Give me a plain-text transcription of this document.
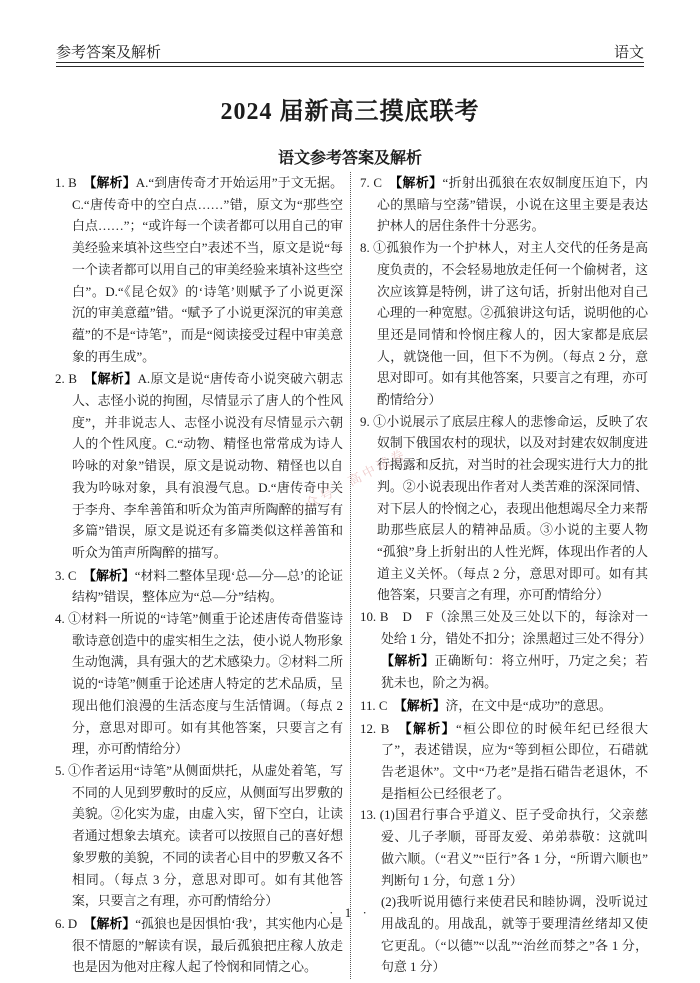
参考答案及解析	语文
2024 届新高三摸底联考
语文参考答案及解析

1. B　【解析】A.“到唐传奇才开始运用”于文无据。C.“唐传奇中的空白点……”错，原文为“那些空白点……”；“或许每一个读者都可以用自己的审美经验来填补这些空白”表述不当，原文是说“每一个读者都可以用自己的审美经验来填补这些空白”。D.“《昆仑奴》的‘诗笔’则赋予了小说更深沉的审美意蕴”错。“赋予了小说更深沉的审美意蕴”的不是“诗笔”，而是“阅读接受过程中审美意象的再生成”。

2. B　【解析】A.原文是说“唐传奇小说突破六朝志人、志怪小说的拘囿，尽情显示了唐人的个性风度”，并非说志人、志怪小说没有尽情显示六朝人的个性风度。C.“动物、精怪也常常成为诗人吟咏的对象”错误，原文是说动物、精怪也以自我为吟咏对象，具有浪漫气息。D.“唐传奇中关于李舟、李牟善笛和听众为笛声所陶醉的描写有多篇”错误，原文是说还有多篇类似这样善笛和听众为笛声所陶醉的描写。

3. C　【解析】“材料二整体呈现‘总—分—总’的论证结构”错误，整体应为“总—分”结构。

4. ①材料一所说的“诗笔”侧重于论述唐传奇借鉴诗歌诗意创造中的虚实相生之法，使小说人物形象生动饱满，具有强大的艺术感染力。②材料二所说的“诗笔”侧重于论述唐人特定的艺术品质，呈现出他们浪漫的生活态度与生活情调。（每点 2 分，意思对即可。如有其他答案，只要言之有理，亦可酌情给分）

5. ①作者运用“诗笔”从侧面烘托，从虚处着笔，写不同的人见到罗敷时的反应，从侧面写出罗敷的美貌。②化实为虚，由虚入实，留下空白，让读者通过想象去填充。读者可以按照自己的喜好想象罗敷的美貌，不同的读者心目中的罗敷又各不相同。（每点 3 分，意思对即可。如有其他答案，只要言之有理，亦可酌情给分）

6. D　【解析】“孤狼也是因惧怕‘我’，其实他内心是很不情愿的”解读有误，最后孤狼把庄稼人放走也是因为他对庄稼人起了怜悯和同情之心。

7. C　【解析】“折射出孤狼在农奴制度压迫下，内心的黑暗与空荡”错误，小说在这里主要是表达护林人的居住条件十分恶劣。

8. ①孤狼作为一个护林人，对主人交代的任务是高度负责的，不会轻易地放走任何一个偷树者，这次应该算是特例，讲了这句话，折射出他对自己心理的一种宽慰。②孤狼讲这句话，说明他的心里还是同情和怜悯庄稼人的，因大家都是底层人，就饶他一回，但下不为例。（每点 2 分，意思对即可。如有其他答案，只要言之有理，亦可酌情给分）

9. ①小说展示了底层庄稼人的悲惨命运，反映了农奴制下俄国农村的现状，以及对封建农奴制度进行揭露和反抗，对当时的社会现实进行大力的批判。②小说表现出作者对人类苦难的深深同情、对下层人的怜悯之心，表现出他想竭尽全力来帮助那些底层人的精神品质。③小说的主要人物“孤狼”身上折射出的人性光辉，体现出作者的人道主义关怀。（每点 2 分，意思对即可。如有其他答案，只要言之有理，亦可酌情给分）

10. B　D　F（涂黑三处及三处以下的，每涂对一处给 1 分，错处不扣分；涂黑超过三处不得分）

【解析】正确断句：将立州吁，乃定之矣；若犹未也，阶之为祸。

11. C　【解析】济，在文中是“成功”的意思。

12. B　【解析】“桓公即位的时候年纪已经很大了”，表述错误，应为“等到桓公即位，石碏就告老退休”。文中“乃老”是指石碏告老退休，不是指桓公已经很老了。

13. (1)国君行事合乎道义、臣子受命执行，父亲慈爱、儿子孝顺，哥哥友爱、弟弟恭敬：这就叫做六顺。（“君义”“臣行”各 1 分，“所谓六顺也”判断句 1 分，句意 1 分）

(2)我听说用德行来使君民和睦协调，没听说过用战乱的。用战乱，就等于要理清丝绪却又使它更乱。（“以德”“以乱”“治丝而棼之”各 1 分，句意 1 分）

公众号：高中试卷
· 1 ·
